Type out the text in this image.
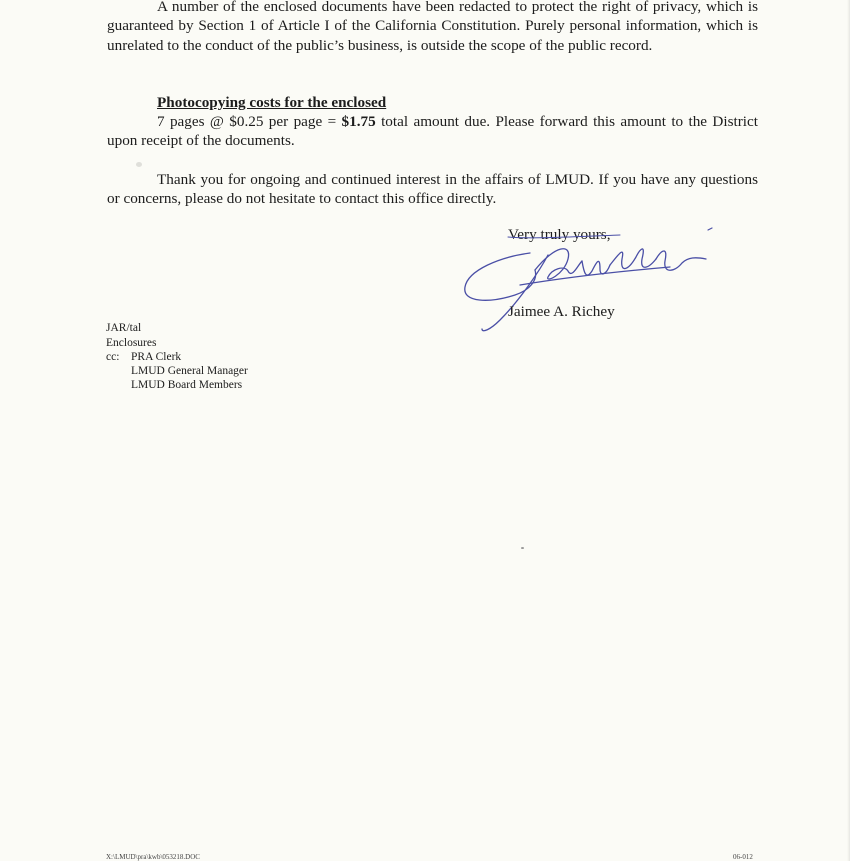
A number of the enclosed documents have been redacted to protect the right of privacy, which is guaranteed by Section 1 of Article I of the California Constitution. Purely personal information, which is unrelated to the conduct of the public’s business, is outside the scope of the public record.

Photocopying costs for the enclosed

7 pages @ $0.25 per page = $1.75 total amount due. Please forward this amount to the District upon receipt of the documents.

Thank you for ongoing and continued interest in the affairs of LMUD. If you have any questions or concerns, please do not hesitate to contact this office directly.

Very truly yours,

Jaimee A. Richey

JAR/tal

Enclosures

cc: PRA Clerk

LMUD General Manager

LMUD Board Members

X:\LMUD\pra\kwb\053218.DOC	06-012
